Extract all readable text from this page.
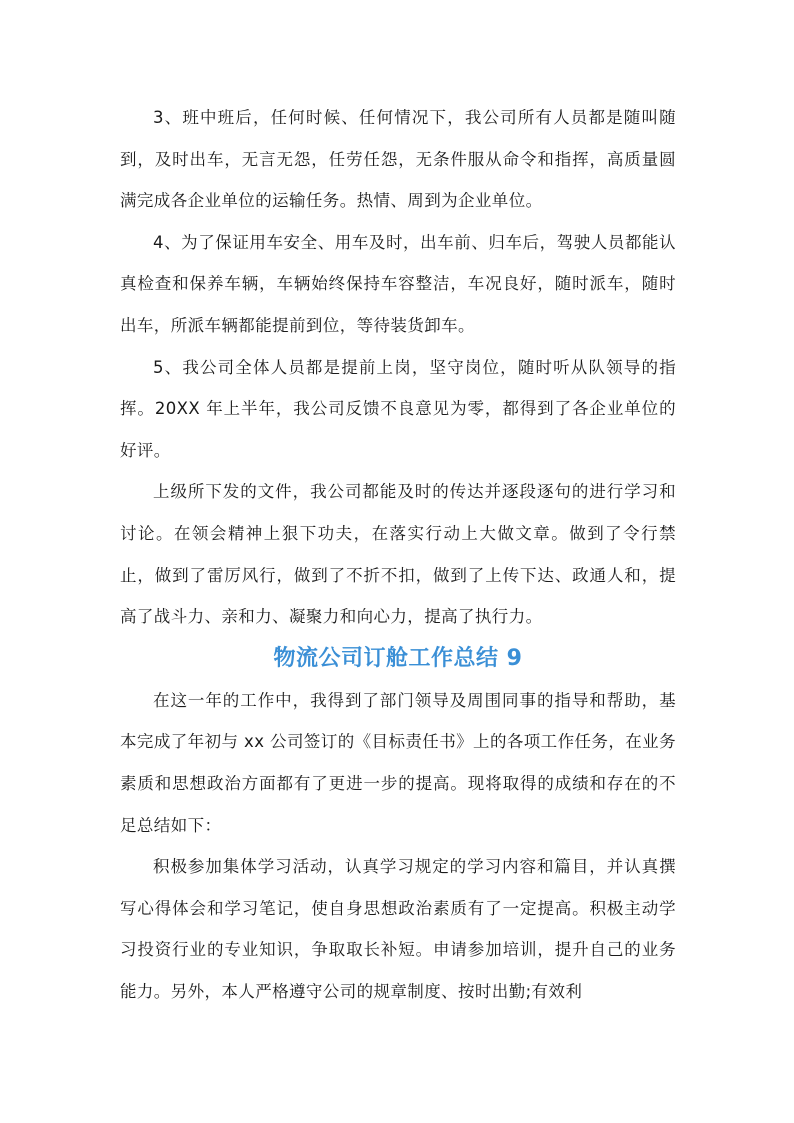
3、班中班后，任何时候、任何情况下，我公司所有人员都是随叫随到，及时出车，无言无怨，任劳任怨，无条件服从命令和指挥，高质量圆满完成各企业单位的运输任务。热情、周到为企业单位。

4、为了保证用车安全、用车及时，出车前、归车后，驾驶人员都能认真检查和保养车辆，车辆始终保持车容整洁，车况良好，随时派车，随时出车，所派车辆都能提前到位，等待装货卸车。

5、我公司全体人员都是提前上岗，坚守岗位，随时听从队领导的指挥。20XX 年上半年，我公司反馈不良意见为零，都得到了各企业单位的好评。

上级所下发的文件，我公司都能及时的传达并逐段逐句的进行学习和讨论。在领会精神上狠下功夫，在落实行动上大做文章。做到了令行禁止，做到了雷厉风行，做到了不折不扣，做到了上传下达、政通人和，提高了战斗力、亲和力、凝聚力和向心力，提高了执行力。

物流公司订舱工作总结 9

在这一年的工作中，我得到了部门领导及周围同事的指导和帮助，基本完成了年初与 xx 公司签订的《目标责任书》上的各项工作任务，在业务素质和思想政治方面都有了更进一步的提高。现将取得的成绩和存在的不足总结如下：

积极参加集体学习活动，认真学习规定的学习内容和篇目，并认真撰写心得体会和学习笔记，使自身思想政治素质有了一定提高。积极主动学习投资行业的专业知识，争取取长补短。申请参加培训，提升自己的业务能力。另外，本人严格遵守公司的规章制度、按时出勤;有效利
